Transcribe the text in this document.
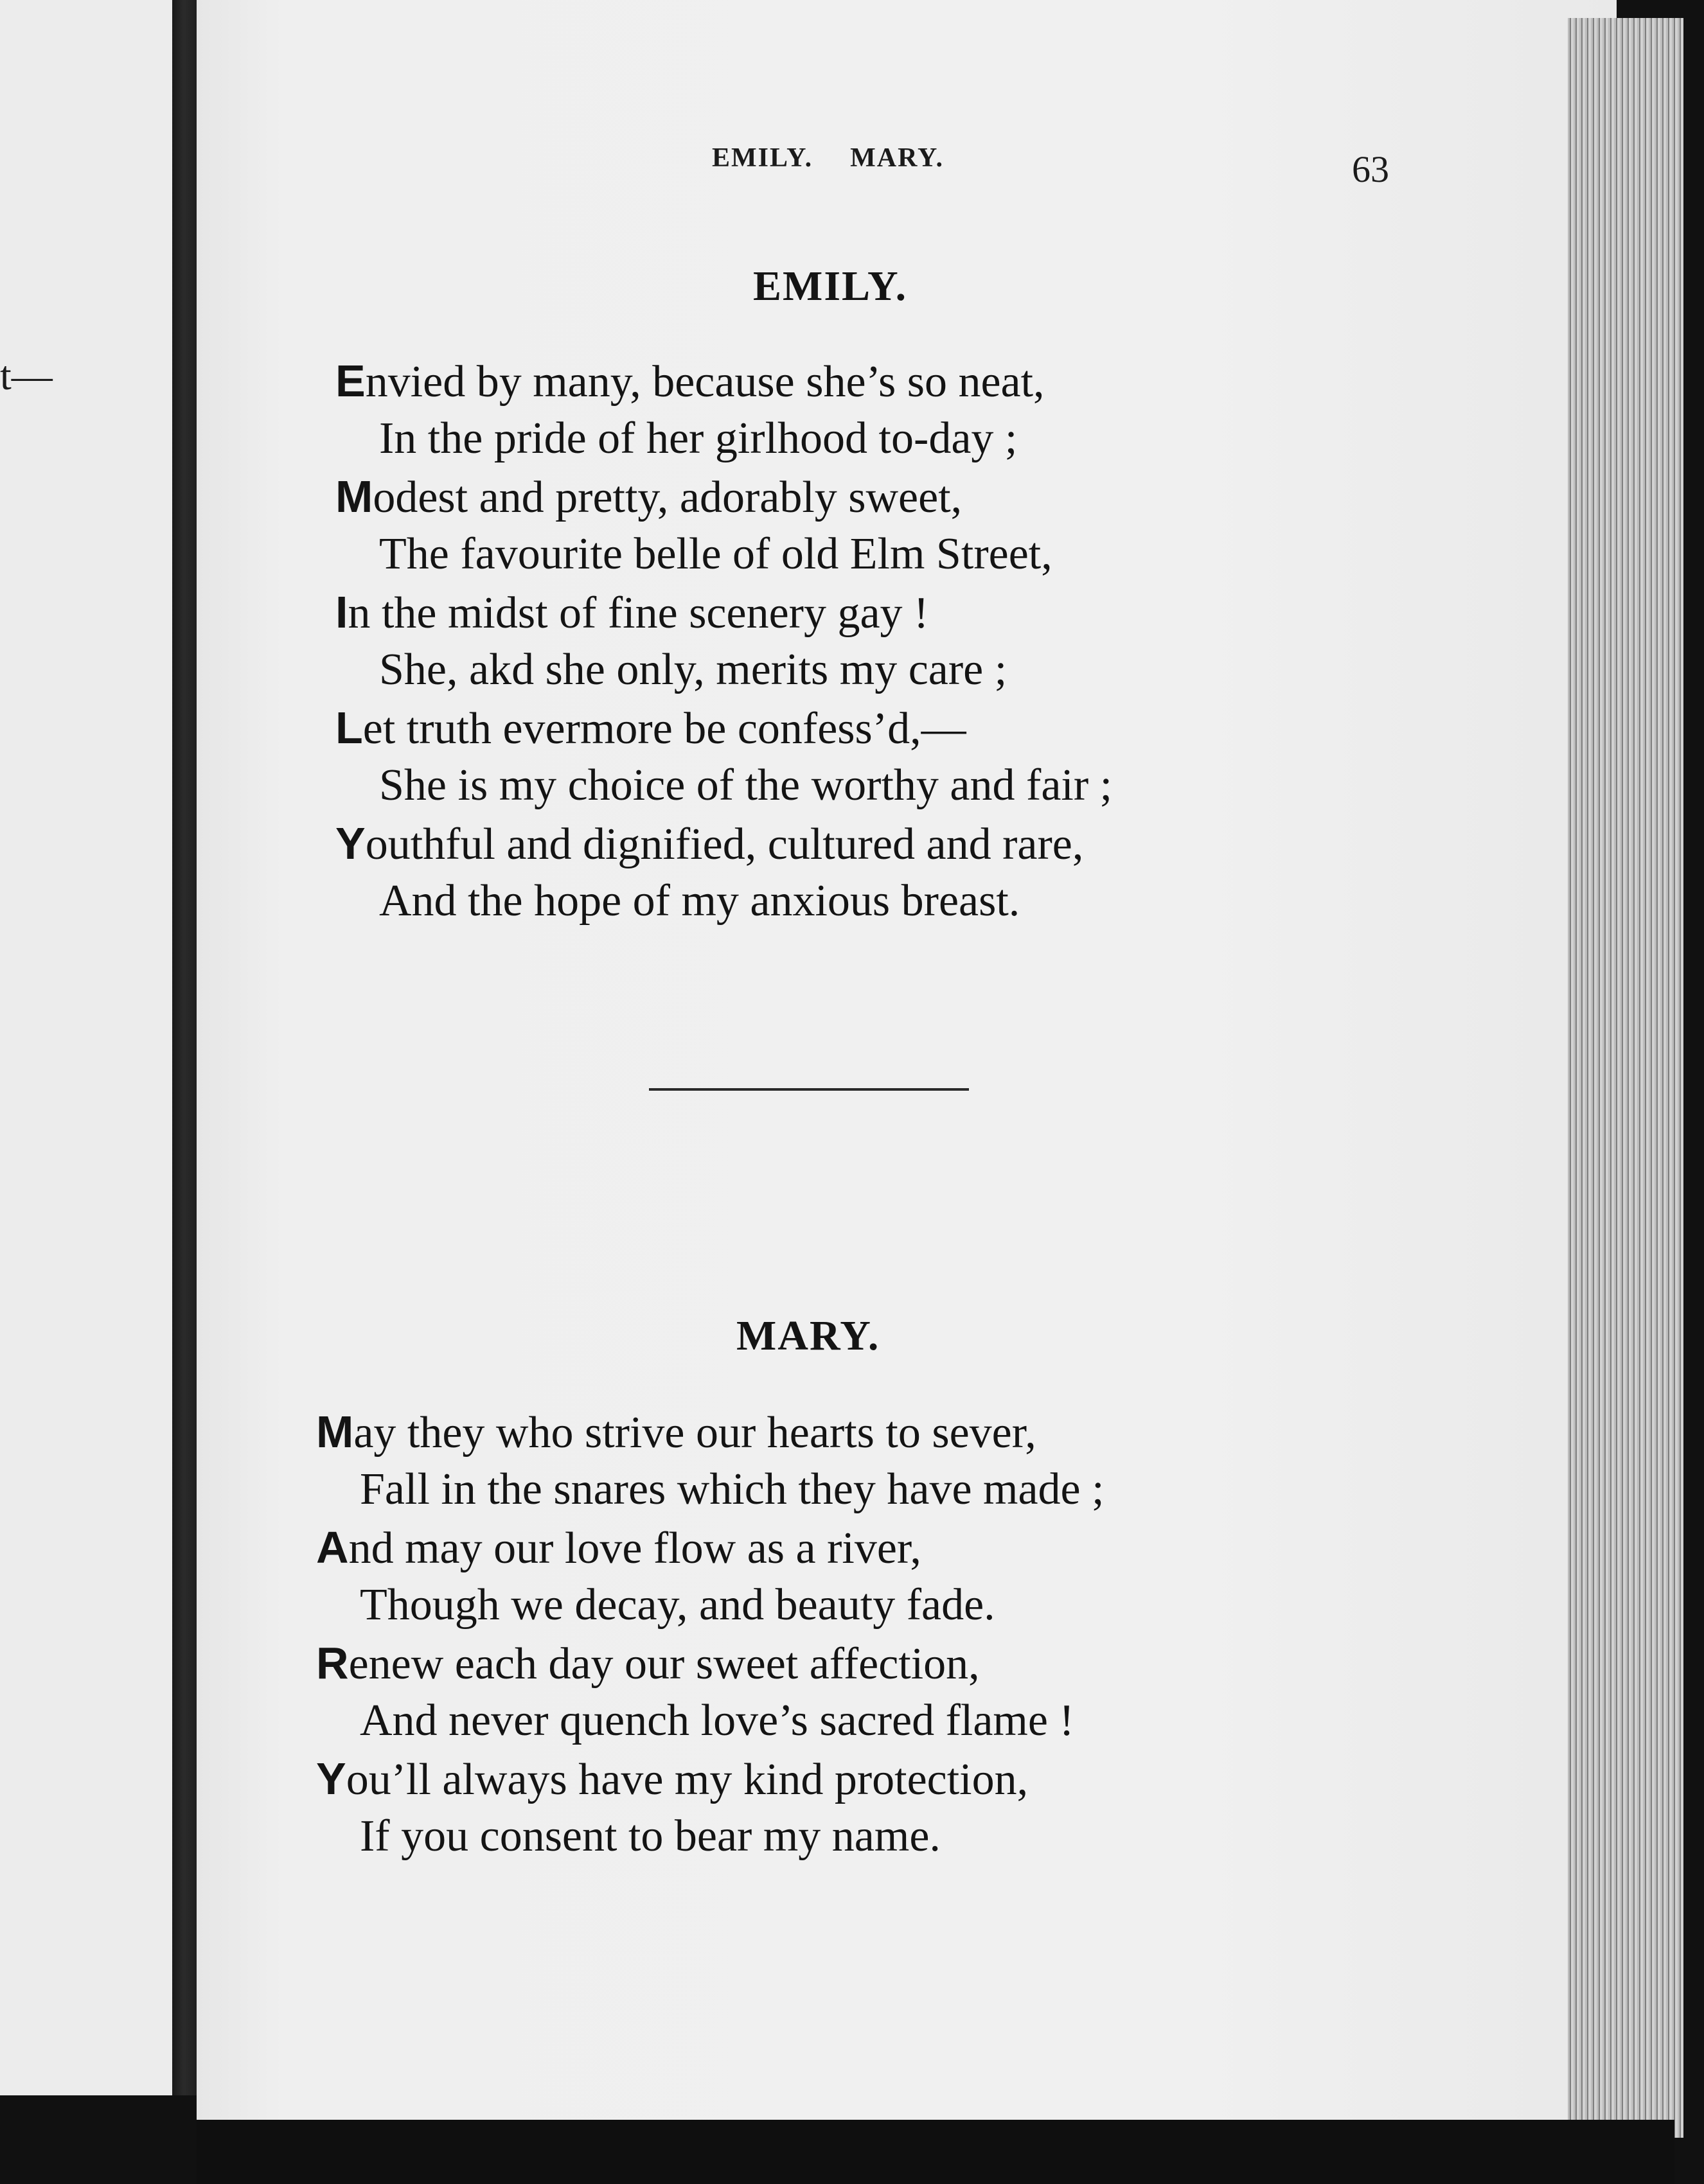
t—
EMILY. MARY.	63
EMILY.
Envied by many, because she’s so neat,
In the pride of her girlhood to-day ;
Modest and pretty, adorably sweet,
The favourite belle of old Elm Street,
In the midst of fine scenery gay !
She, akd she only, merits my care ;
Let truth evermore be confess’d,—
She is my choice of the worthy and fair ;
Youthful and dignified, cultured and rare,
And the hope of my anxious breast.
MARY.
May they who strive our hearts to sever,
Fall in the snares which they have made ;
And may our love flow as a river,
Though we decay, and beauty fade.
Renew each day our sweet affection,
And never quench love’s sacred flame !
You’ll always have my kind protection,
If you consent to bear my name.
